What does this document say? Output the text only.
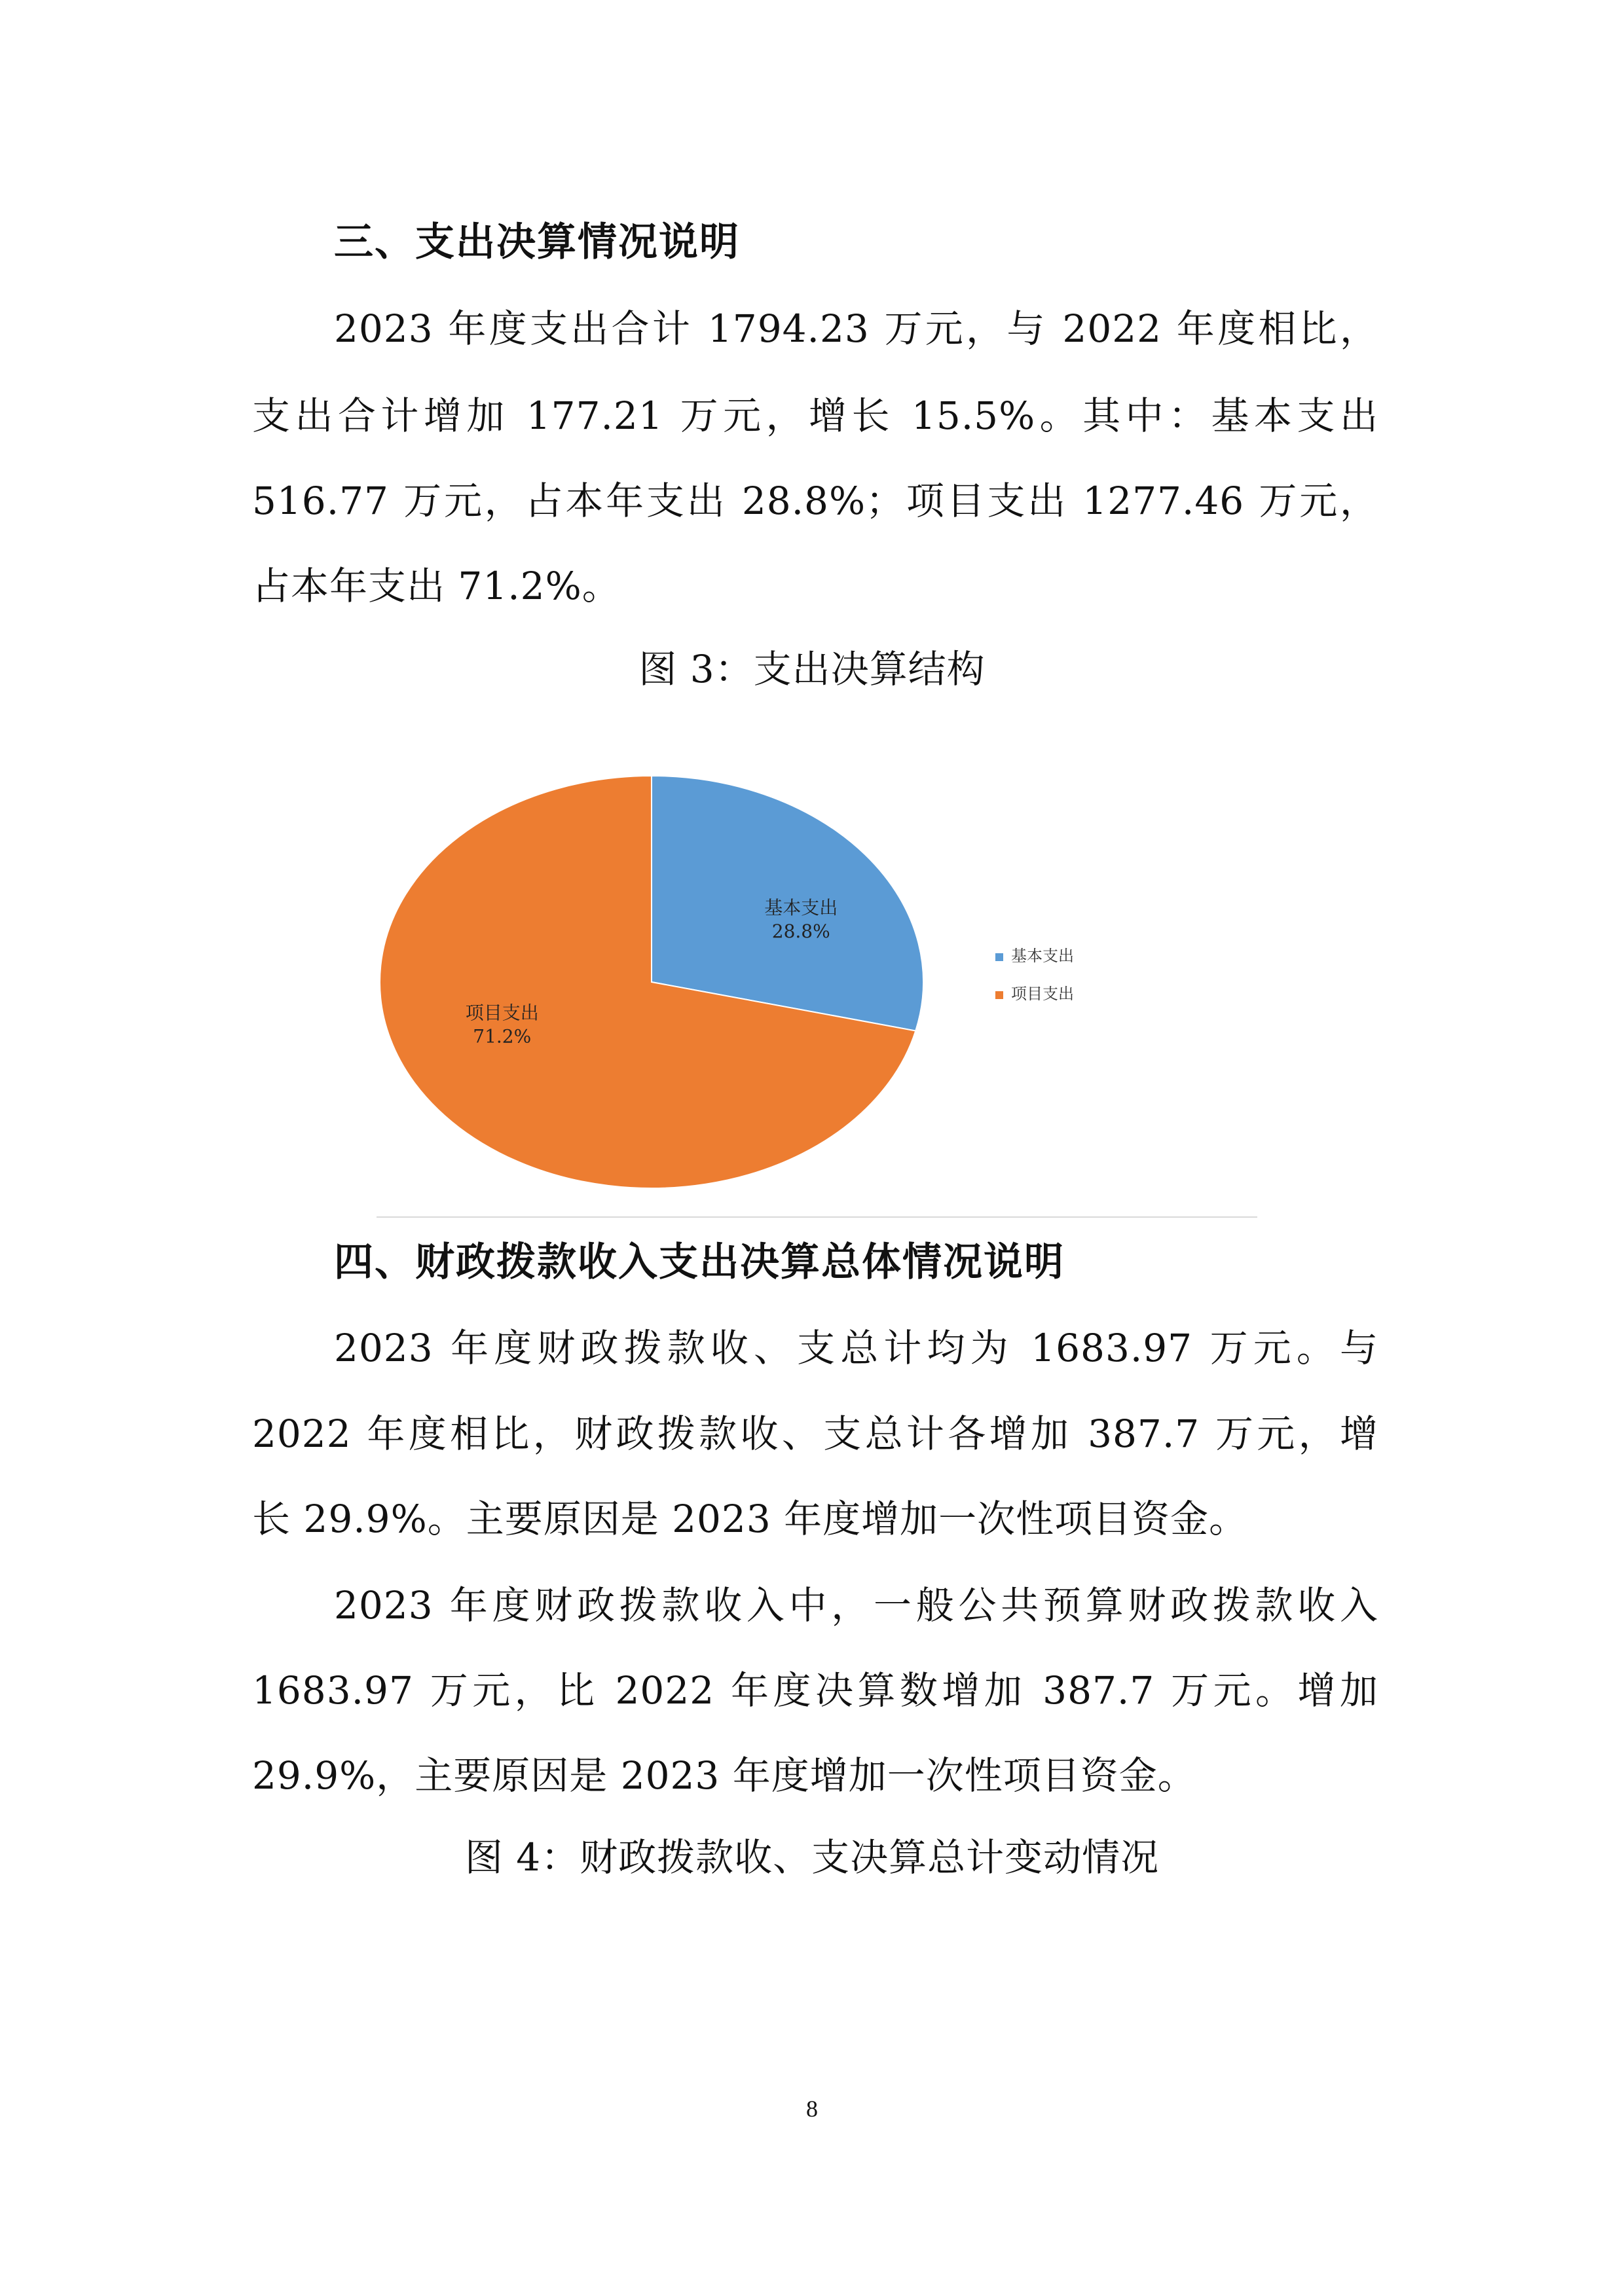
三、支出决算情况说明

2023 年度支出合计 1794.23 万元，与 2022 年度相比，

支出合计增加 177.21 万元，增长 15.5%。其中：基本支出

516.77 万元，占本年支出 28.8%；项目支出 1277.46 万元，

占本年支出 71.2%。

图 3：支出决算结构

基本支出
28.8%
项目支出
71.2%
基本支出
项目支出
四、财政拨款收入支出决算总体情况说明

2023 年度财政拨款收、支总计均为 1683.97 万元。与

2022 年度相比，财政拨款收、支总计各增加 387.7 万元，增

长 29.9%。主要原因是 2023 年度增加一次性项目资金。

2023 年度财政拨款收入中，一般公共预算财政拨款收入

1683.97 万元，比 2022 年度决算数增加 387.7 万元。增加

29.9%，主要原因是 2023 年度增加一次性项目资金。

图 4：财政拨款收、支决算总计变动情况

8
